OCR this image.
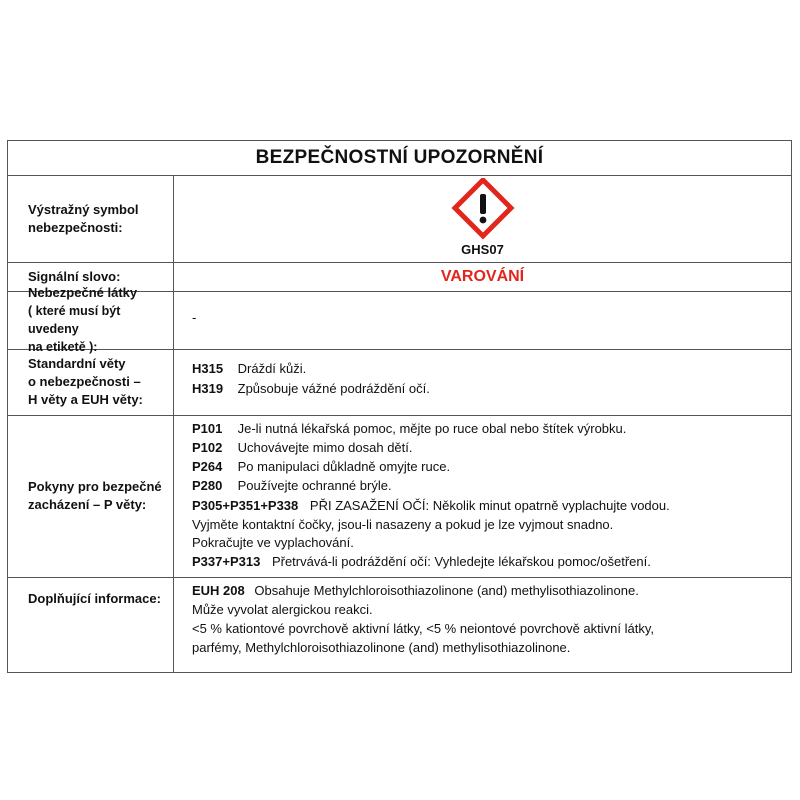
BEZPEČNOSTNÍ UPOZORNĚNÍ
Výstražný symbol
nebezpečnosti:
GHS07
Signální slovo:	VAROVÁNÍ
Nebezpečné látky
( které musí být uvedeny
na etiketě ):
-
Standardní věty
o nebezpečnosti –
H věty a EUH věty:
H315 Dráždí kůži.
H319 Způsobuje vážné podráždění očí.
Pokyny pro bezpečné
zacházení – P věty:
P101 Je-li nutná lékařská pomoc, mějte po ruce obal nebo štítek výrobku.
P102 Uchovávejte mimo dosah dětí.
P264 Po manipulaci důkladně omyjte ruce.
P280 Používejte ochranné brýle.
P305+P351+P338 PŘI ZASAŽENÍ OČÍ: Několik minut opatrně vyplachujte vodou.
Vyjměte kontaktní čočky, jsou-li nasazeny a pokud je lze vyjmout snadno.
Pokračujte ve vyplachování.
P337+P313 Přetrvává-li podráždění očí: Vyhledejte lékařskou pomoc/ošetření.
Doplňující informace:
EUH 208 Obsahuje Methylchloroisothiazolinone (and) methylisothiazolinone.
Může vyvolat alergickou reakci.
<5 % kationtové povrchově aktivní látky, <5 % neiontové povrchově aktivní látky,
parfémy, Methylchloroisothiazolinone (and) methylisothiazolinone.
